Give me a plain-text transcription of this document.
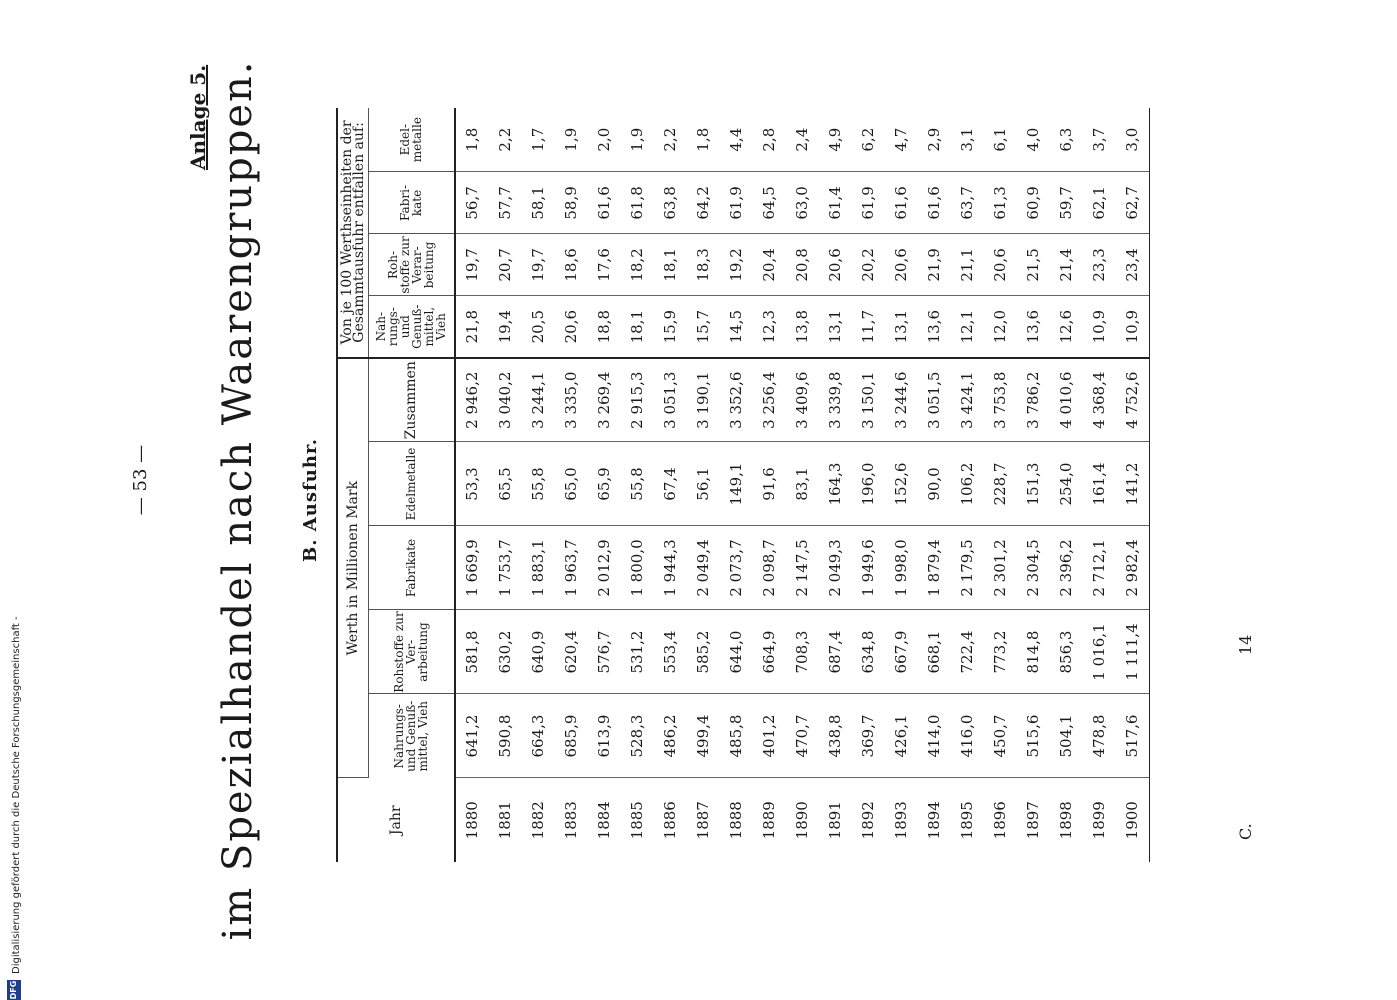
— 53 —
Anlage 5. im Spezialhandel nach Waarengruppen. B. Ausfuhr.
Jahr	Werth in Millionen Mark					Von je 100 Werthseinheiten der Gesammtausfuhr entfallen auf:			
	Nahrungs- und Genuß- mittel, Vieh	Rohstoffe zur Ver- arbeitung	Fabrikate	Edelmetalle	Zusammen	Nah- rungs- und Genuß- mittel, Vieh	Roh- stoffe zur Verar- beitung	Fabri- kate	Edel- metalle
1880	641,2	581,8	1 669,9	53,3	2 946,2	21,8	19,7	56,7	1,8
1881	590,8	630,2	1 753,7	65,5	3 040,2	19,4	20,7	57,7	2,2
1882	664,3	640,9	1 883,1	55,8	3 244,1	20,5	19,7	58,1	1,7
1883	685,9	620,4	1 963,7	65,0	3 335,0	20,6	18,6	58,9	1,9
1884	613,9	576,7	2 012,9	65,9	3 269,4	18,8	17,6	61,6	2,0
1885	528,3	531,2	1 800,0	55,8	2 915,3	18,1	18,2	61,8	1,9
1886	486,2	553,4	1 944,3	67,4	3 051,3	15,9	18,1	63,8	2,2
1887	499,4	585,2	2 049,4	56,1	3 190,1	15,7	18,3	64,2	1,8
1888	485,8	644,0	2 073,7	149,1	3 352,6	14,5	19,2	61,9	4,4
1889	401,2	664,9	2 098,7	91,6	3 256,4	12,3	20,4	64,5	2,8
1890	470,7	708,3	2 147,5	83,1	3 409,6	13,8	20,8	63,0	2,4
1891	438,8	687,4	2 049,3	164,3	3 339,8	13,1	20,6	61,4	4,9
1892	369,7	634,8	1 949,6	196,0	3 150,1	11,7	20,2	61,9	6,2
1893	426,1	667,9	1 998,0	152,6	3 244,6	13,1	20,6	61,6	4,7
1894	414,0	668,1	1 879,4	90,0	3 051,5	13,6	21,9	61,6	2,9
1895	416,0	722,4	2 179,5	106,2	3 424,1	12,1	21,1	63,7	3,1
1896	450,7	773,2	2 301,2	228,7	3 753,8	12,0	20,6	61,3	6,1
1897	515,6	814,8	2 304,5	151,3	3 786,2	13,6	21,5	60,9	4,0
1898	504,1	856,3	2 396,2	254,0	4 010,6	12,6	21,4	59,7	6,3
1899	478,8	1 016,1	2 712,1	161,4	4 368,4	10,9	23,3	62,1	3,7
1900	517,6	1 111,4	2 982,4	141,2	4 752,6	10,9	23,4	62,7	3,0
C.
14
DFG
Digitalisierung gefördert durch die Deutsche Forschungsgemeinschaft -
